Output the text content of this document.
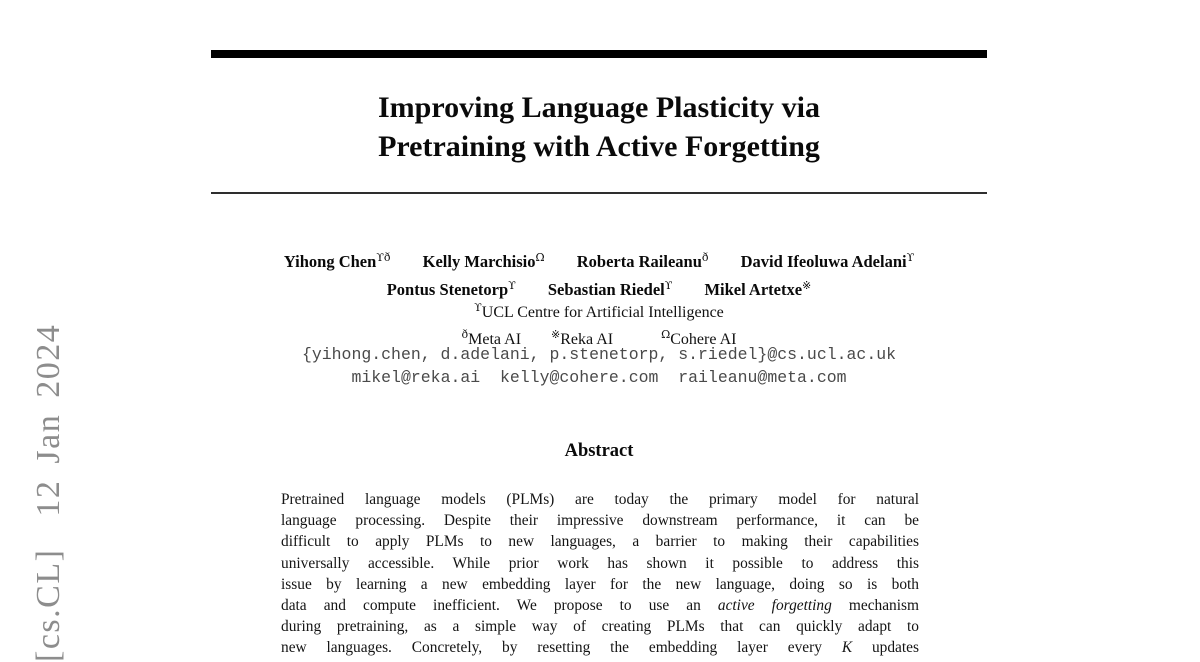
[cs.CL]  12 Jan 2024
Improving Language Plasticity via
Pretraining with Active Forgetting
Yihong Chen$^{ϒð}$ Kelly Marchisio$^\Omega$ Roberta Raileanu$^ð$ David Ifeoluwa Adelani$^ϒ$
Pontus Stenetorp$^ϒ$ Sebastian Riedel$^ϒ$ Mikel Artetxe※
$^ϒ$UCL Centre for Artificial Intelligence
$^ð$Meta AI	※Reka AI	$^\Omega$Cohere AI
{yihong.chen, d.adelani, p.stenetorp, s.riedel}@cs.ucl.ac.uk
mikel@reka.ai  kelly@cohere.com  raileanu@meta.com
Abstract
Pretrained language models (PLMs) are today the primary model for natural
language processing. Despite their impressive downstream performance, it can be
difficult to apply PLMs to new languages, a barrier to making their capabilities
universally accessible. While prior work has shown it possible to address this
issue by learning a new embedding layer for the new language, doing so is both
data and compute inefficient. We propose to use an active forgetting mechanism
during pretraining, as a simple way of creating PLMs that can quickly adapt to
new languages. Concretely, by resetting the embedding layer every K updates
